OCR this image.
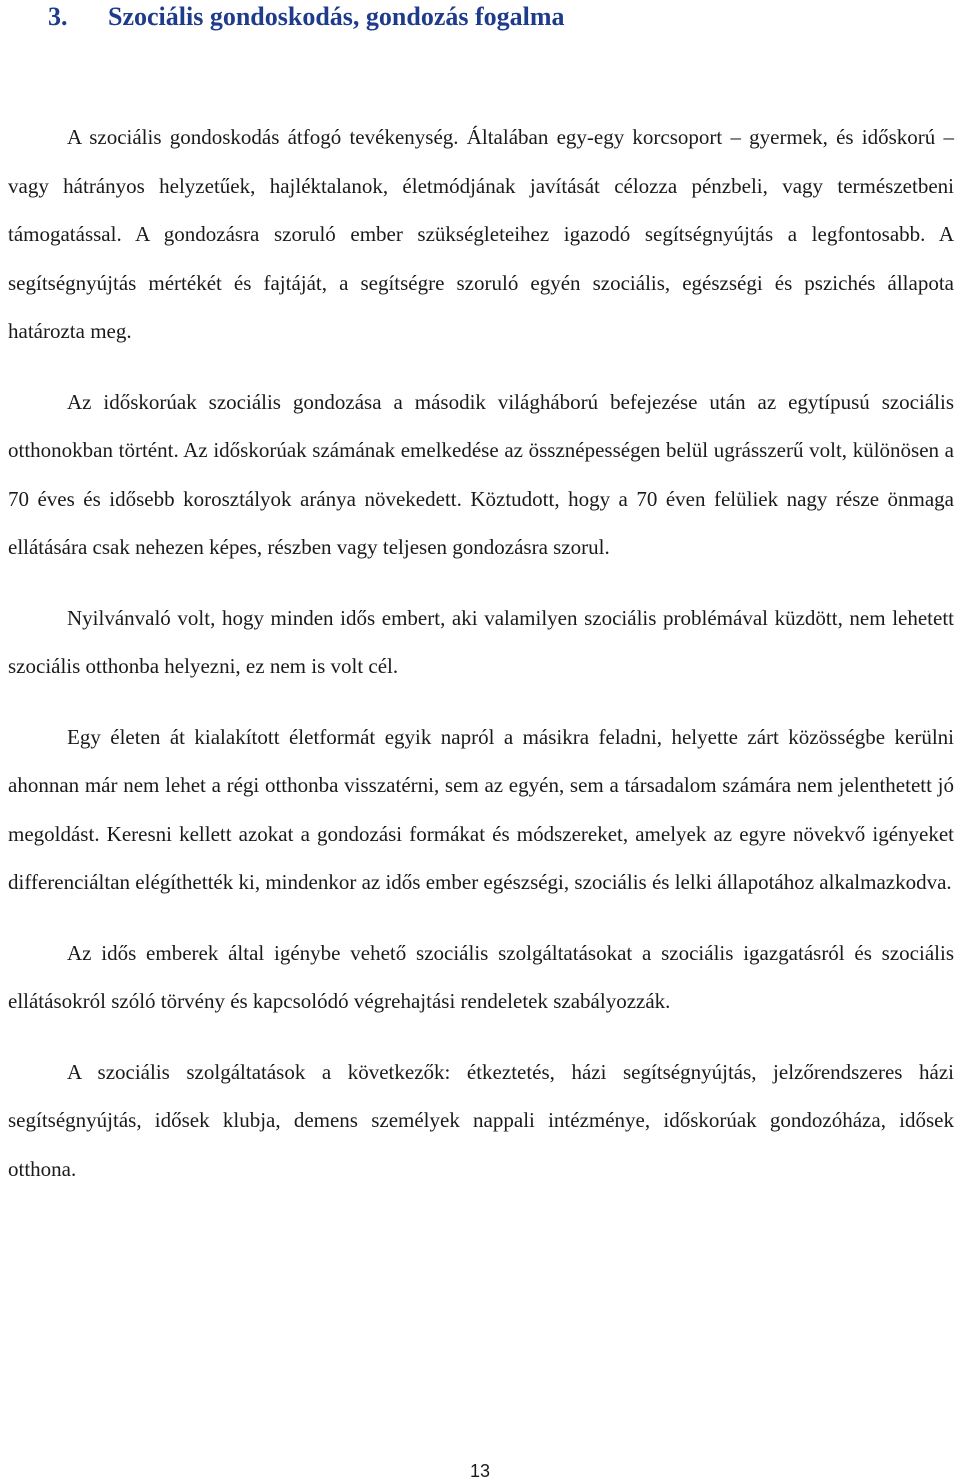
3. Szociális gondoskodás, gondozás fogalma

A szociális gondoskodás átfogó tevékenység. Általában egy-egy korcsoport – gyermek, és időskorú – vagy hátrányos helyzetűek, hajléktalanok, életmódjának javítását célozza pénzbeli, vagy természetbeni támogatással. A gondozásra szoruló ember szükségleteihez igazodó segítségnyújtás a legfontosabb. A segítségnyújtás mértékét és fajtáját, a segítségre szoruló egyén szociális, egészségi és pszichés állapota határozta meg.

Az időskorúak szociális gondozása a második világháború befejezése után az egytípusú szociális otthonokban történt. Az időskorúak számának emelkedése az össznépességen belül ugrásszerű volt, különösen a 70 éves és idősebb korosztályok aránya növekedett. Köztudott, hogy a 70 éven felüliek nagy része önmaga ellátására csak nehezen képes, részben vagy teljesen gondozásra szorul.

Nyilvánvaló volt, hogy minden idős embert, aki valamilyen szociális problémával küzdött, nem lehetett szociális otthonba helyezni, ez nem is volt cél.

Egy életen át kialakított életformát egyik napról a másikra feladni, helyette zárt közösségbe kerülni ahonnan már nem lehet a régi otthonba visszatérni, sem az egyén, sem a társadalom számára nem jelenthetett jó megoldást. Keresni kellett azokat a gondozási formákat és módszereket, amelyek az egyre növekvő igényeket differenciáltan elégíthették ki, mindenkor az idős ember egészségi, szociális és lelki állapotához alkalmazkodva.

Az idős emberek által igénybe vehető szociális szolgáltatásokat a szociális igazgatásról és szociális ellátásokról szóló törvény és kapcsolódó végrehajtási rendeletek szabályozzák.

A szociális szolgáltatások a következők: étkeztetés, házi segítségnyújtás, jelzőrendszeres házi segítségnyújtás, idősek klubja, demens személyek nappali intézménye, időskorúak gondozóháza, idősek otthona.

13
